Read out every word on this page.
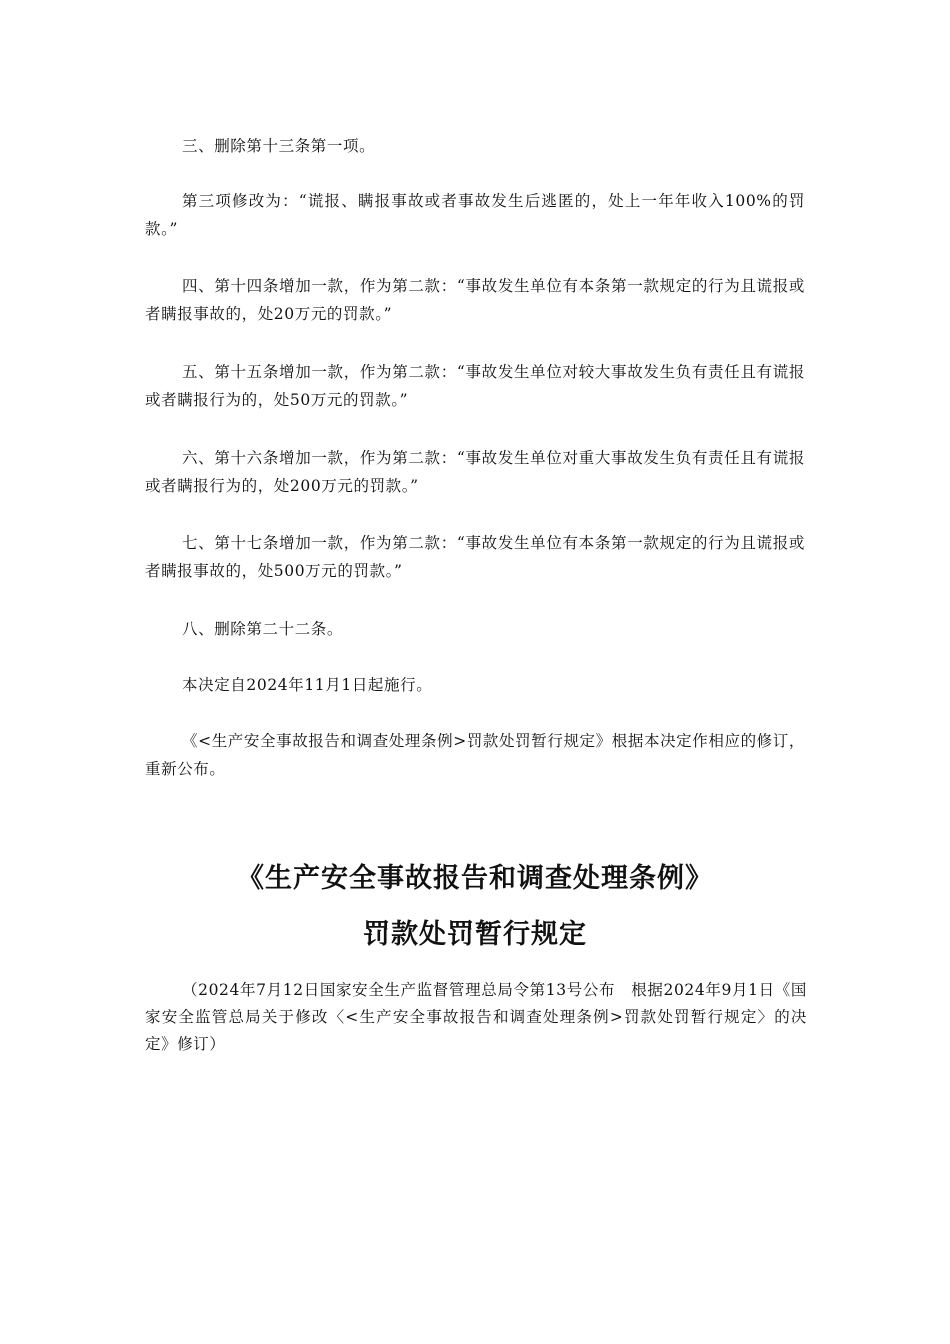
三、删除第十三条第一项。

第三项修改为：“谎报、瞒报事故或者事故发生后逃匿的，处上一年年收入100%的罚款。”

四、第十四条增加一款，作为第二款：“事故发生单位有本条第一款规定的行为且谎报或者瞒报事故的，处20万元的罚款。”

五、第十五条增加一款，作为第二款：“事故发生单位对较大事故发生负有责任且有谎报或者瞒报行为的，处50万元的罚款。”

六、第十六条增加一款，作为第二款：“事故发生单位对重大事故发生负有责任且有谎报或者瞒报行为的，处200万元的罚款。”

七、第十七条增加一款，作为第二款：“事故发生单位有本条第一款规定的行为且谎报或者瞒报事故的，处500万元的罚款。”

八、删除第二十二条。

本决定自2024年11月1日起施行。

《<生产安全事故报告和调查处理条例>罚款处罚暂行规定》根据本决定作相应的修订，重新公布。

《生产安全事故报告和调查处理条例》
罚款处罚暂行规定

（2024年7月12日国家安全生产监督管理总局令第13号公布　根据2024年9月1日《国家安全监管总局关于修改〈<生产安全事故报告和调查处理条例>罚款处罚暂行规定〉的决定》修订）
